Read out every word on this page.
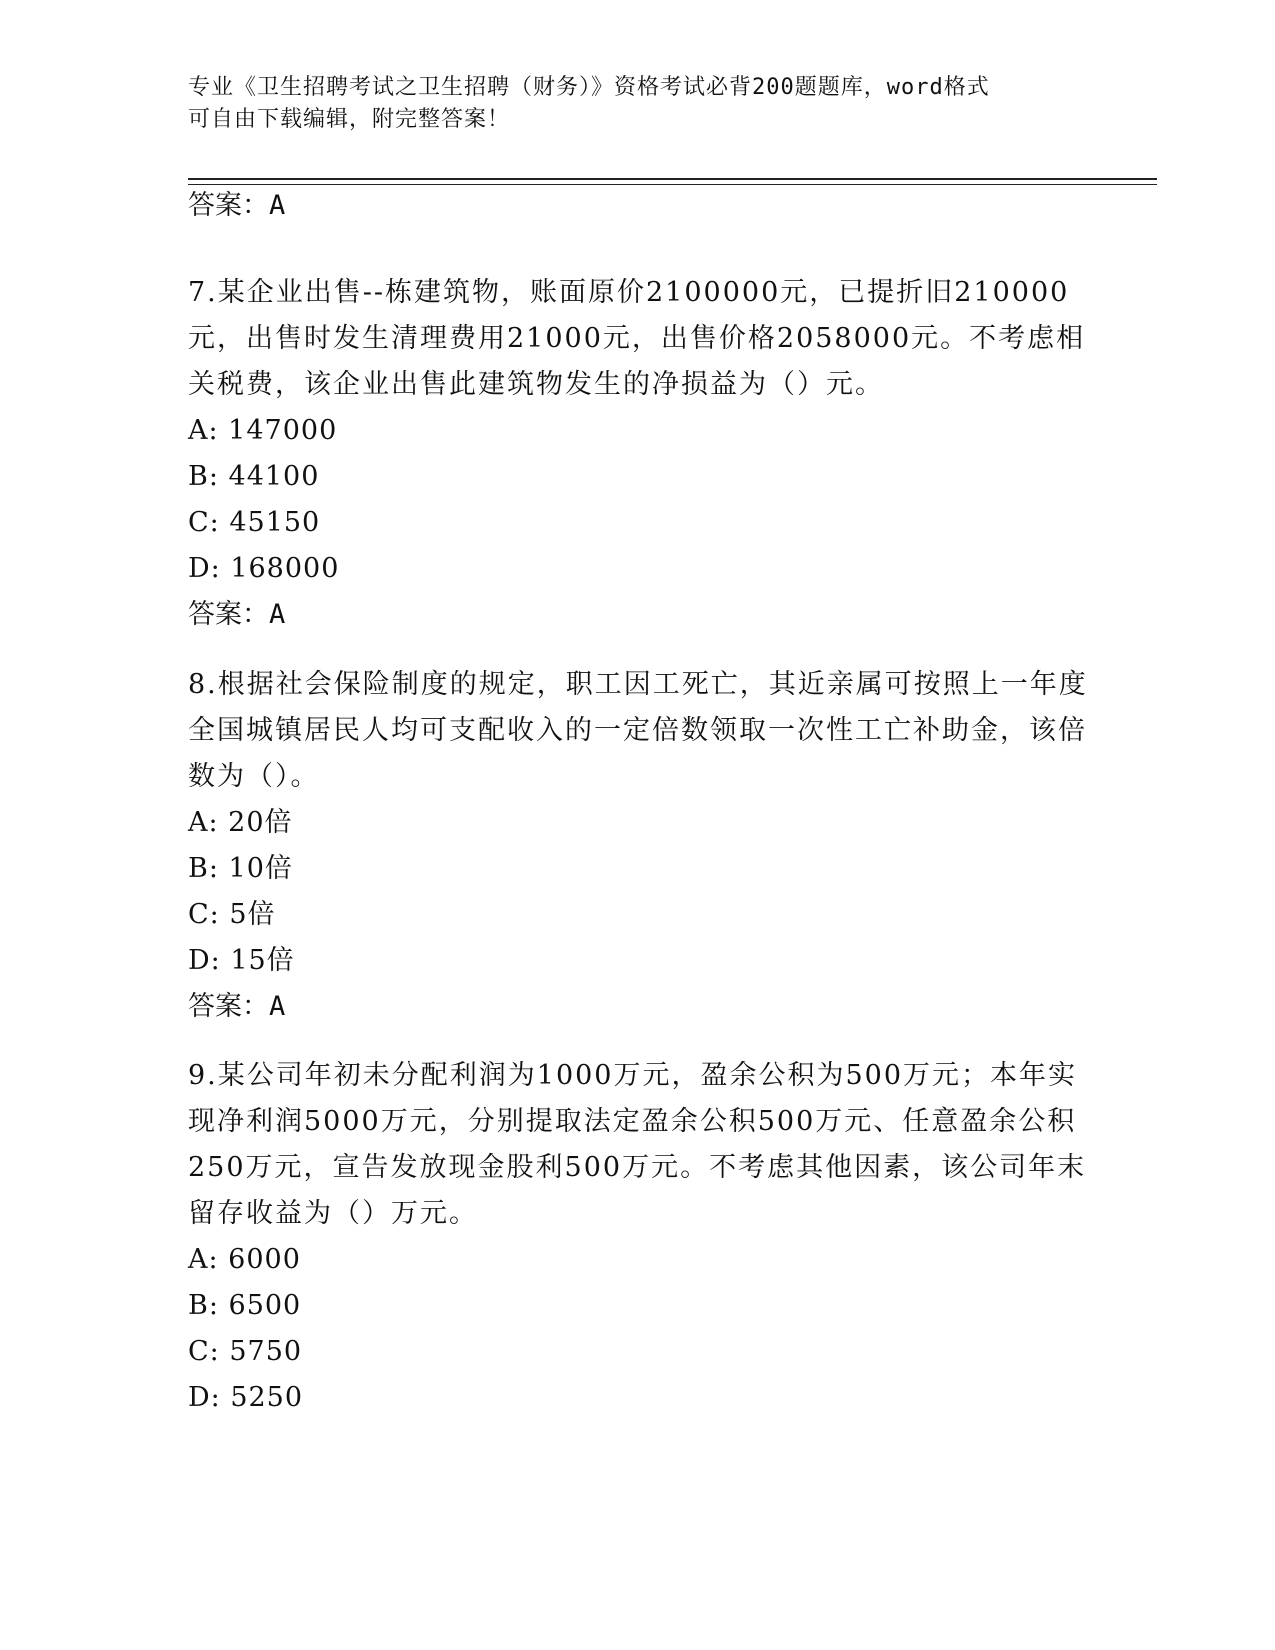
专业《卫生招聘考试之卫生招聘（财务）》资格考试必背200题题库，word格式
可自由下载编辑，附完整答案！
答案：A
7.某企业出售--栋建筑物，账面原价2100000元，已提折旧210000元，出售时发生清理费用21000元，出售价格2058000元。不考虑相关税费，该企业出售此建筑物发生的净损益为（）元。
A: 147000
B: 44100
C: 45150
D: 168000
答案：A
8.根据社会保险制度的规定，职工因工死亡，其近亲属可按照上一年度全国城镇居民人均可支配收入的一定倍数领取一次性工亡补助金，该倍数为（）。
A: 20倍
B: 10倍
C: 5倍
D: 15倍
答案：A
9.某公司年初未分配利润为1000万元，盈余公积为500万元；本年实现净利润5000万元，分别提取法定盈余公积500万元、任意盈余公积250万元，宣告发放现金股利500万元。不考虑其他因素，该公司年末留存收益为（）万元。
A: 6000
B: 6500
C: 5750
D: 5250
